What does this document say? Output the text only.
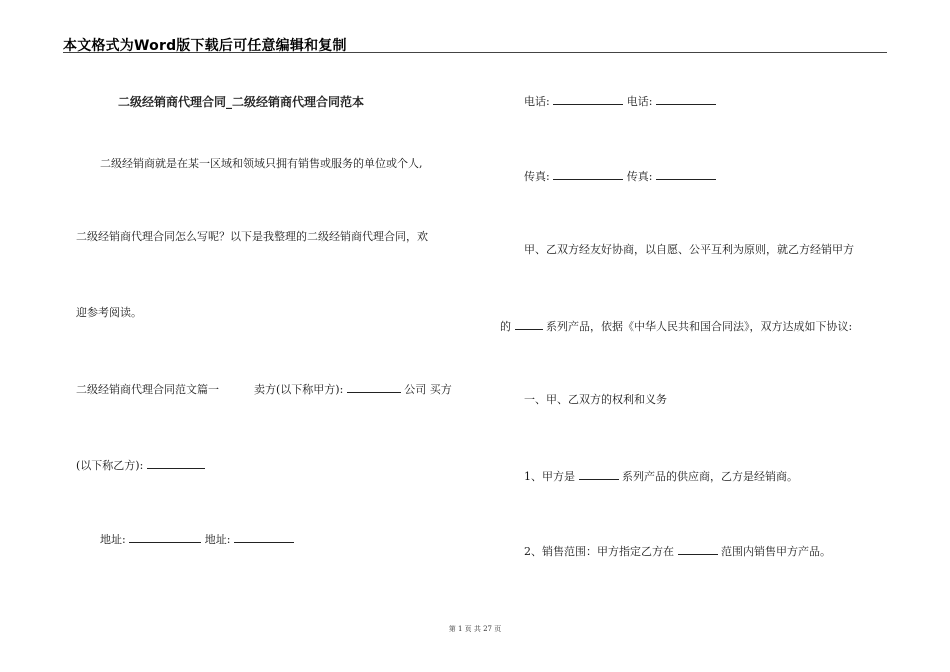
本文格式为Word版下载后可任意编辑和复制
二级经销商代理合同_二级经销商代理合同范本
二级经销商就是在某一区域和领域只拥有销售或服务的单位或个人,
二级经销商代理合同怎么写呢？以下是我整理的二级经销商代理合同，欢
迎参考阅读。
二级经销商代理合同范文篇一	卖方(以下称甲方):	公司 买方
(以下称乙方):
地址:	地址:
电话:	电话:
传真:	传真:
甲、乙双方经友好协商，以自愿、公平互利为原则，就乙方经销甲方
的	系列产品，依据《中华人民共和国合同法》，双方达成如下协议:
一、甲、乙双方的权利和义务
1、甲方是	系列产品的供应商，乙方是经销商。
2、销售范围：甲方指定乙方在	范围内销售甲方产品。
第 1 页 共 27 页
